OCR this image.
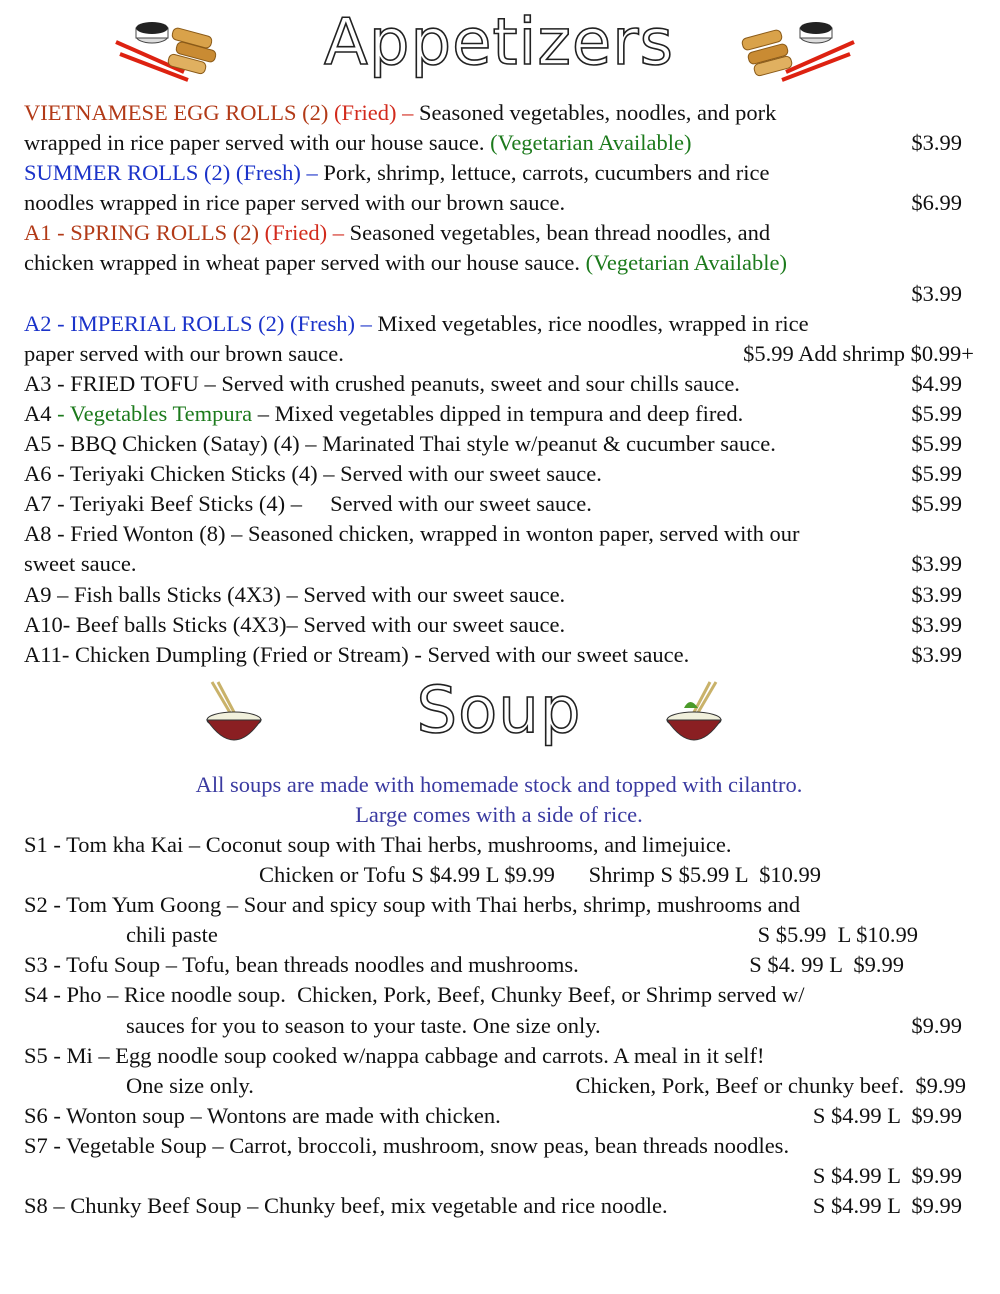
Appetizers
VIETNAMESE EGG ROLLS (2) (Fried) – Seasoned vegetables, noodles, and pork
wrapped in rice paper served with our house sauce. (Vegetarian Available)	$3.99
SUMMER ROLLS (2) (Fresh) – Pork, shrimp, lettuce, carrots, cucumbers and rice
noodles wrapped in rice paper served with our brown sauce.	$6.99
A1 - SPRING ROLLS (2) (Fried) – Seasoned vegetables, bean thread noodles, and
chicken wrapped in wheat paper served with our house sauce. (Vegetarian Available)
$3.99
A2 - IMPERIAL ROLLS (2) (Fresh) – Mixed vegetables, rice noodles, wrapped in rice
paper served with our brown sauce.	$5.99 Add shrimp $0.99+
A3 - FRIED TOFU – Served with crushed peanuts, sweet and sour chills sauce.	$4.99
A4 - Vegetables Tempura – Mixed vegetables dipped in tempura and deep fired.	$5.99
A5 - BBQ Chicken (Satay) (4) – Marinated Thai style w/peanut & cucumber sauce.	$5.99
A6 - Teriyaki Chicken Sticks (4) – Served with our sweet sauce.	$5.99
A7 - Teriyaki Beef Sticks (4) –     Served with our sweet sauce.	$5.99
A8 - Fried Wonton (8) – Seasoned chicken, wrapped in wonton paper, served with our
sweet sauce.	$3.99
A9 – Fish balls Sticks (4X3) – Served with our sweet sauce.	$3.99
A10- Beef balls Sticks (4X3)– Served with our sweet sauce.	$3.99
A11- Chicken Dumpling (Fried or Stream) - Served with our sweet sauce.	$3.99
Soup
All soups are made with homemade stock and topped with cilantro.
Large comes with a side of rice.
S1 - Tom kha Kai – Coconut soup with Thai herbs, mushrooms, and limejuice.
Chicken or Tofu S $4.99 L $9.99      Shrimp S $5.99 L  $10.99
S2 - Tom Yum Goong – Sour and spicy soup with Thai herbs, shrimp, mushrooms and
chili paste	S $5.99  L $10.99
S3 - Tofu Soup – Tofu, bean threads noodles and mushrooms.	S $4. 99 L  $9.99
S4 - Pho – Rice noodle soup.  Chicken, Pork, Beef, Chunky Beef, or Shrimp served w/
sauces for you to season to your taste. One size only.	$9.99
S5 - Mi – Egg noodle soup cooked w/nappa cabbage and carrots. A meal in it self!
One size only.	Chicken, Pork, Beef or chunky beef.  $9.99
S6 - Wonton soup – Wontons are made with chicken.	S $4.99 L  $9.99
S7 - Vegetable Soup – Carrot, broccoli, mushroom, snow peas, bean threads noodles.
S $4.99 L  $9.99
S8 – Chunky Beef Soup – Chunky beef, mix vegetable and rice noodle.	S $4.99 L  $9.99
